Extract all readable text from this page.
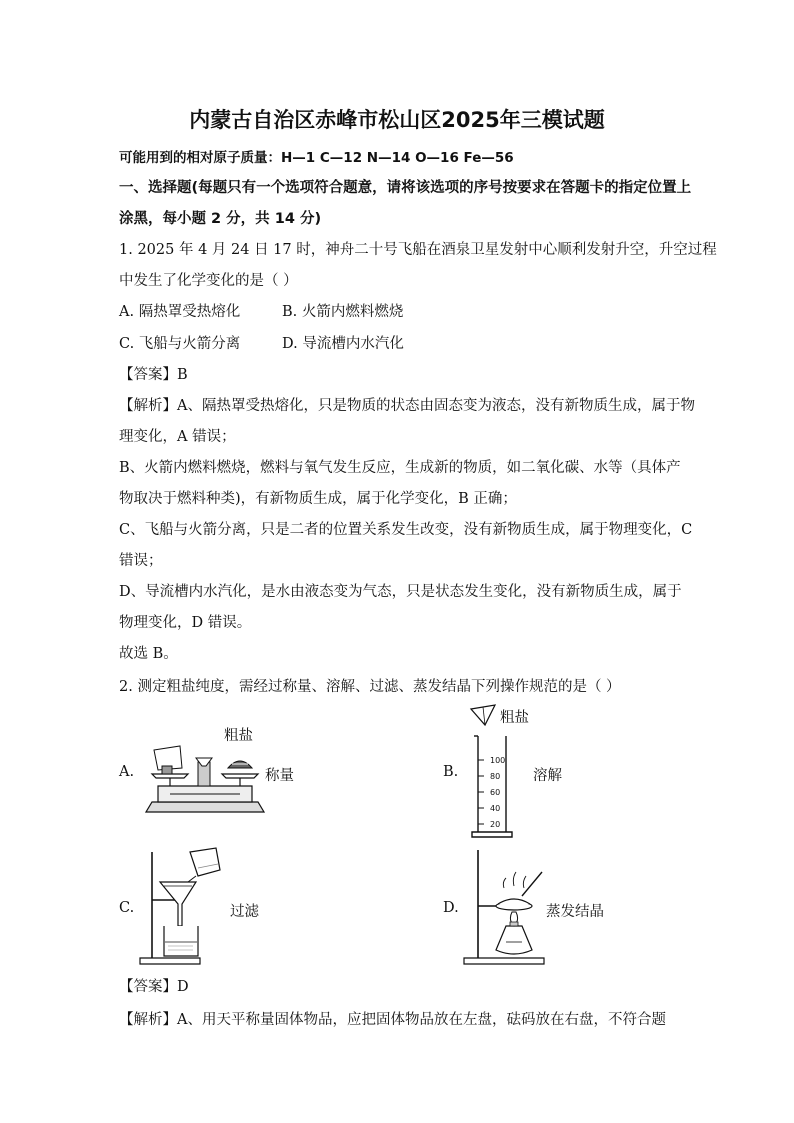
内蒙古自治区赤峰市松山区2025年三模试题
可能用到的相对原子质量：H—1 C—12 N—14 O—16 Fe—56
一、选择题(每题只有一个选项符合题意，请将该选项的序号按要求在答题卡的指定位置上
涂黑，每小题 2 分，共 14 分)
1. 2025 年 4 月 24 日 17 时，神舟二十号飞船在酒泉卫星发射中心顺利发射升空，升空过程
中发生了化学变化的是（ ）
A. 隔热罩受热熔化	B. 火箭内燃料燃烧
C. 飞船与火箭分离	D. 导流槽内水汽化
【答案】B
【解析】A、隔热罩受热熔化，只是物质的状态由固态变为液态，没有新物质生成，属于物
理变化，A 错误；
B、火箭内燃料燃烧，燃料与氧气发生反应，生成新的物质，如二氧化碳、水等（具体产
物取决于燃料种类)，有新物质生成，属于化学变化，B 正确；
C、飞船与火箭分离，只是二者的位置关系发生改变，没有新物质生成，属于物理变化，C
错误；
D、导流槽内水汽化，是水由液态变为气态，只是状态发生变化，没有新物质生成，属于
物理变化，D 错误。
故选 B。
2. 测定粗盐纯度，需经过称量、溶解、过滤、蒸发结晶下列操作规范的是（ ）
A.
粗盐
称量	B.
粗盐
溶解
100
80
60
40
20
C.	过滤	D.	蒸发结晶
【答案】D
【解析】A、用天平称量固体物品，应把固体物品放在左盘，砝码放在右盘，不符合题
